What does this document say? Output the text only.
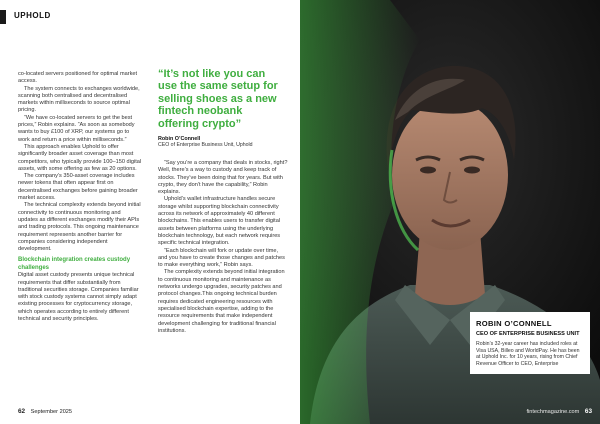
UPHOLD

co-located servers positioned for optimal market access.

The system connects to exchanges worldwide, scanning both centralised and decentralised markets within milliseconds to source optimal pricing.

“We have co-located servers to get the best prices,” Robin explains. “As soon as somebody wants to buy £100 of XRP, our systems go to work and return a price within milliseconds.”

This approach enables Uphold to offer significantly broader asset coverage than most competitors, who typically provide 100–150 digital assets, with some offering as few as 20 options.

The company’s 350-asset coverage includes newer tokens that often appear first on decentralised exchanges before gaining broader market access.

The technical complexity extends beyond initial connectivity to continuous monitoring and updates as different exchanges modify their APIs and trading protocols. This ongoing maintenance requirement represents another barrier for companies considering independent development.

Blockchain integration creates custody challenges

Digital asset custody presents unique technical requirements that differ substantially from traditional securities storage. Companies familiar with stock custody systems cannot simply adapt existing processes for cryptocurrency storage, which operates according to entirely different technical and security principles.

“It’s not like you can use the same setup for selling shoes as a new fintech neobank offering crypto”
Robin O’Connell
CEO of Enterprise Business Unit, Uphold

“Say you’re a company that deals in stocks, right? Well, there’s a way to custody and keep track of stocks. They’ve been doing that for years. But with crypto, they don’t have the capability,” Robin explains.

Uphold’s wallet infrastructure handles secure storage whilst supporting blockchain connectivity across its network of approximately 40 different blockchains. This enables users to transfer digital assets between platforms using the underlying blockchain technology, but each network requires specific technical integration.

“Each blockchain will fork or update over time, and you have to create those changes and patches to make everything work,” Robin says.

The complexity extends beyond initial integration to continuous monitoring and maintenance as networks undergo upgrades, security patches and protocol changes.This ongoing technical burden requires dedicated engineering resources with specialised blockchain expertise, adding to the resource requirements that make independent development challenging for traditional financial institutions.

ROBIN O’CONNELL
CEO OF ENTERPRISE BUSINESS UNIT
Robin’s 32-year career has included roles at Visa USA, Billeo and WorldPay. He has been at Uphold Inc. for 10 years, rising from Chief Revenue Officer to CEO, Enterprise
62 September 2025	fintechmagazine.com 63
